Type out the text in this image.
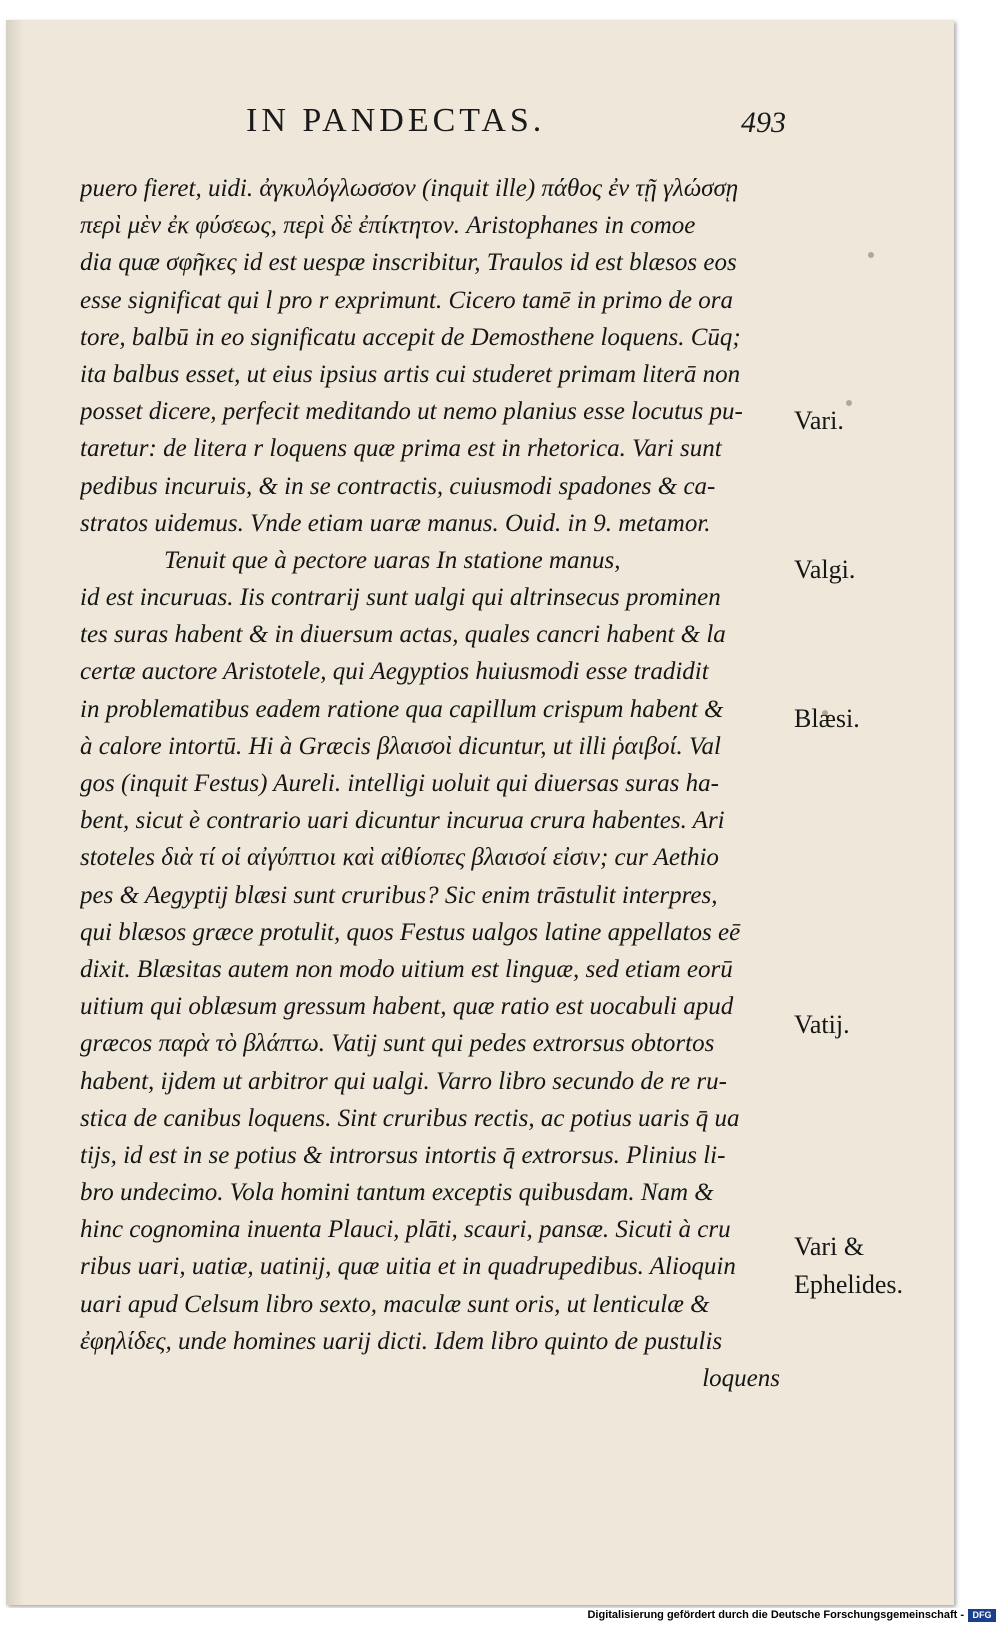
IN PANDECTAS.	493
puero fieret, uidi. ἀγκυλόγλωσσον (inquit ille) πάθος ἐν τῇ γλώσσῃ
περὶ μὲν ἐκ φύσεως, περὶ δὲ ἐπίκτητον. Aristophanes in comoe
dia quæ σφῆκες id est uespæ inscribitur, Traulos id est blæsos eos
esse significat qui l pro r exprimunt. Cicero tamē in primo de ora
tore, balbū in eo significatu accepit de Demosthene loquens. Cūq;
ita balbus esset, ut eius ipsius artis cui studeret primam literā non
posset dicere, perfecit meditando ut nemo planius esse locutus pu-
taretur: de litera r loquens quæ prima est in rhetorica. Vari sunt
pedibus incuruis, & in se contractis, cuiusmodi spadones & ca-
stratos uidemus. Vnde etiam uaræ manus. Ouid. in 9. metamor.
Tenuit que à pectore uaras In statione manus,
id est incuruas. Iis contrarij sunt ualgi qui altrinsecus prominen
tes suras habent & in diuersum actas, quales cancri habent & la
certæ auctore Aristotele, qui Aegyptios huiusmodi esse tradidit
in problematibus eadem ratione qua capillum crispum habent &
à calore intortū. Hi à Græcis βλαισοὶ dicuntur, ut illi ῥαιβοί. Val
gos (inquit Festus) Aureli. intelligi uoluit qui diuersas suras ha-
bent, sicut è contrario uari dicuntur incurua crura habentes. Ari
stoteles διὰ τί οἱ αἰγύπτιοι καὶ αἰθίοπες βλαισοί εἰσιν; cur Aethio
pes & Aegyptij blæsi sunt cruribus? Sic enim trāstulit interpres,
qui blæsos græce protulit, quos Festus ualgos latine appellatos eē
dixit. Blæsitas autem non modo uitium est linguæ, sed etiam eorū
uitium qui oblæsum gressum habent, quæ ratio est uocabuli apud
græcos παρὰ τὸ βλάπτω. Vatij sunt qui pedes extrorsus obtortos
habent, ijdem ut arbitror qui ualgi. Varro libro secundo de re ru-
stica de canibus loquens. Sint cruribus rectis, ac potius uaris q̄ ua
tijs, id est in se potius & introrsus intortis q̄ extrorsus. Plinius li-
bro undecimo. Vola homini tantum exceptis quibusdam. Nam &
hinc cognomina inuenta Plauci, plāti, scauri, pansæ. Sicuti à cru
ribus uari, uatiæ, uatinij, quæ uitia et in quadrupedibus. Alioquin
uari apud Celsum libro sexto, maculæ sunt oris, ut lenticulæ &
ἐφηλίδες, unde homines uarij dicti. Idem libro quinto de pustulis
loquens
Vari.
Valgi.
Blæsi.
Vatij.
Vari &
Ephelides.
Digitalisierung gefördert durch die Deutsche Forschungsgemeinschaft - DFG
